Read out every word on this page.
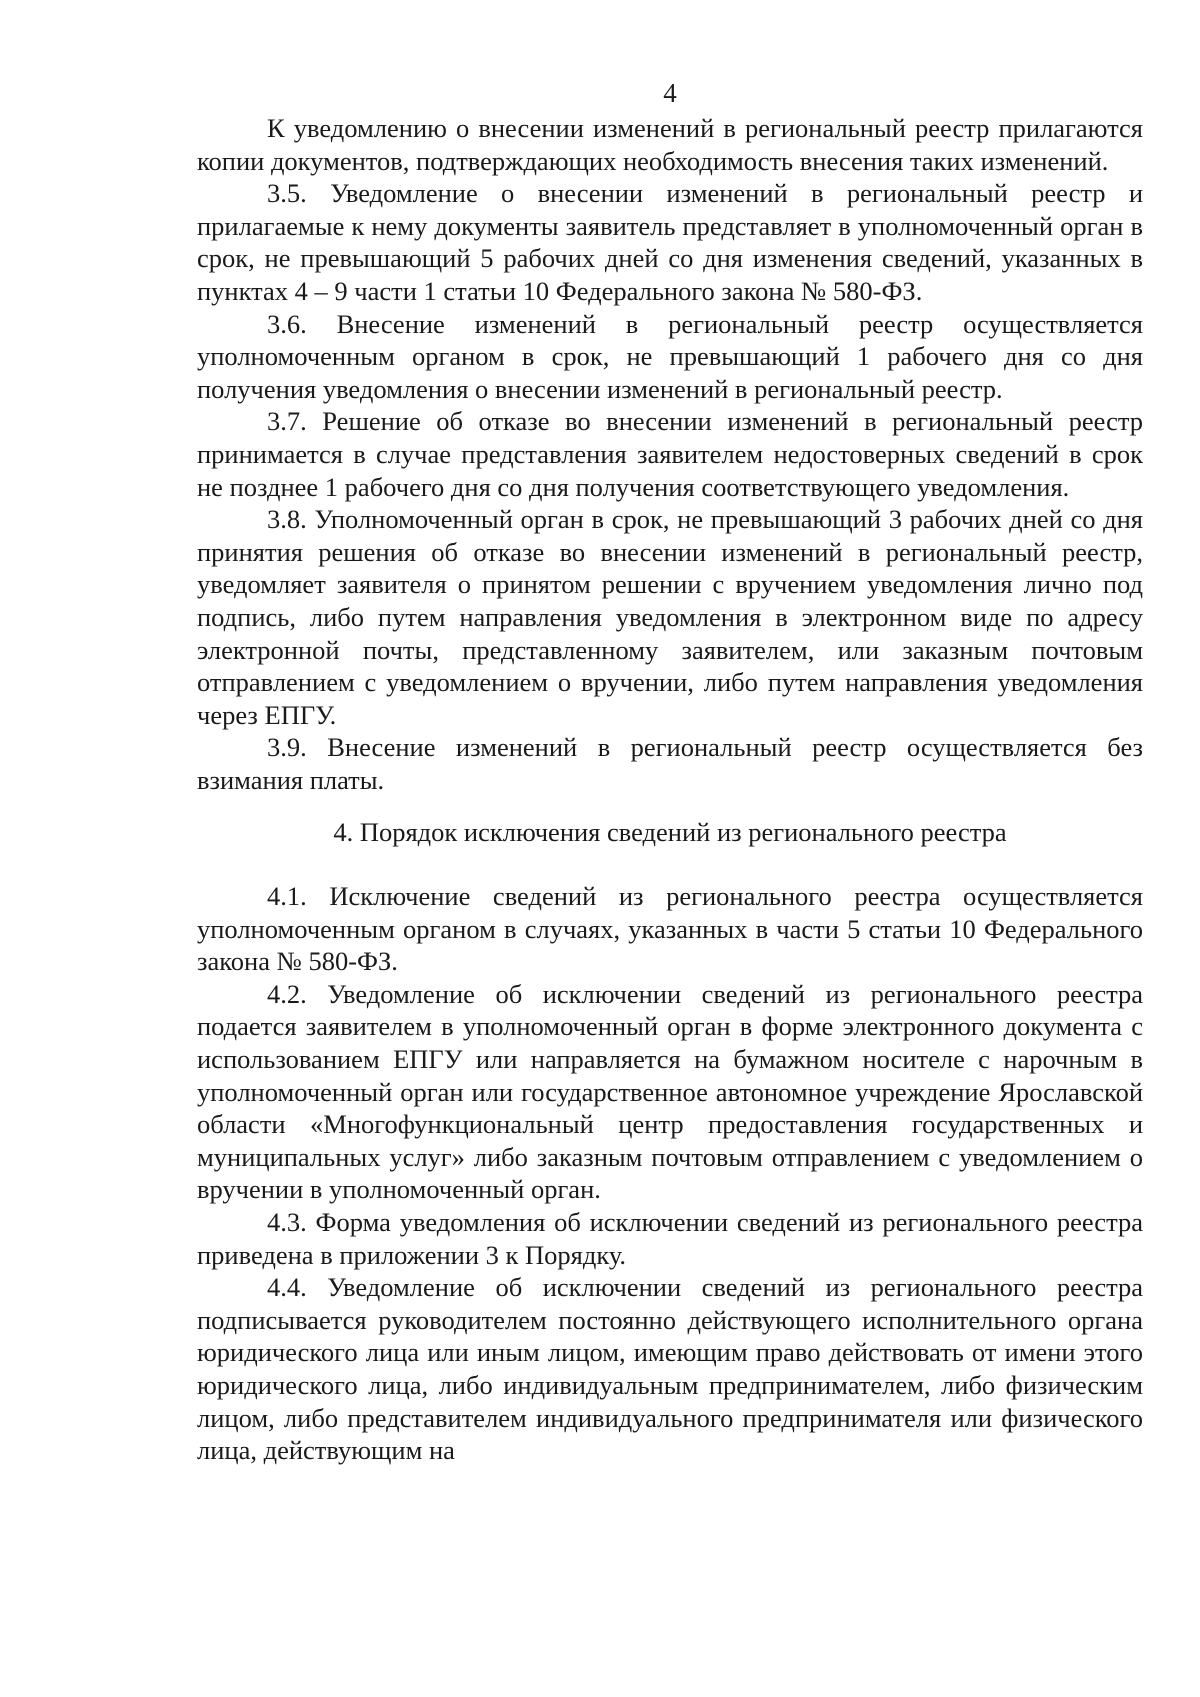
4

К уведомлению о внесении изменений в региональный реестр прилагаются копии документов, подтверждающих необходимость внесения таких изменений.

3.5. Уведомление о внесении изменений в региональный реестр и прилагаемые к нему документы заявитель представляет в уполномоченный орган в срок, не превышающий 5 рабочих дней со дня изменения сведений, указанных в пунктах 4 – 9 части 1 статьи 10 Федерального закона № 580-ФЗ.

3.6. Внесение изменений в региональный реестр осуществляется уполномоченным органом в срок, не превышающий 1 рабочего дня со дня получения уведомления о внесении изменений в региональный реестр.

3.7. Решение об отказе во внесении изменений в региональный реестр принимается в случае представления заявителем недостоверных сведений в срок не позднее 1 рабочего дня со дня получения соответствующего уведомления.

3.8. Уполномоченный орган в срок, не превышающий 3 рабочих дней со дня принятия решения об отказе во внесении изменений в региональный реестр, уведомляет заявителя о принятом решении с вручением уведомления лично под подпись, либо путем направления уведомления в электронном виде по адресу электронной почты, представленному заявителем, или заказным почтовым отправлением с уведомлением о вручении, либо путем направления уведомления через ЕПГУ.

3.9. Внесение изменений в региональный реестр осуществляется без взимания платы.

4. Порядок исключения сведений из регионального реестра

4.1. Исключение сведений из регионального реестра осуществляется уполномоченным органом в случаях, указанных в части 5 статьи 10 Федерального закона № 580-ФЗ.

4.2. Уведомление об исключении сведений из регионального реестра подается заявителем в уполномоченный орган в форме электронного документа с использованием ЕПГУ или направляется на бумажном носителе с нарочным в уполномоченный орган или государственное автономное учреждение Ярославской области «Многофункциональный центр предоставления государственных и муниципальных услуг» либо заказным почтовым отправлением с уведомлением о вручении в уполномоченный орган.

4.3. Форма уведомления об исключении сведений из регионального реестра приведена в приложении 3 к Порядку.

4.4. Уведомление об исключении сведений из регионального реестра подписывается руководителем постоянно действующего исполнительного органа юридического лица или иным лицом, имеющим право действовать от имени этого юридического лица, либо индивидуальным предпринимателем, либо физическим лицом, либо представителем индивидуального предпринимателя или физического лица, действующим на
